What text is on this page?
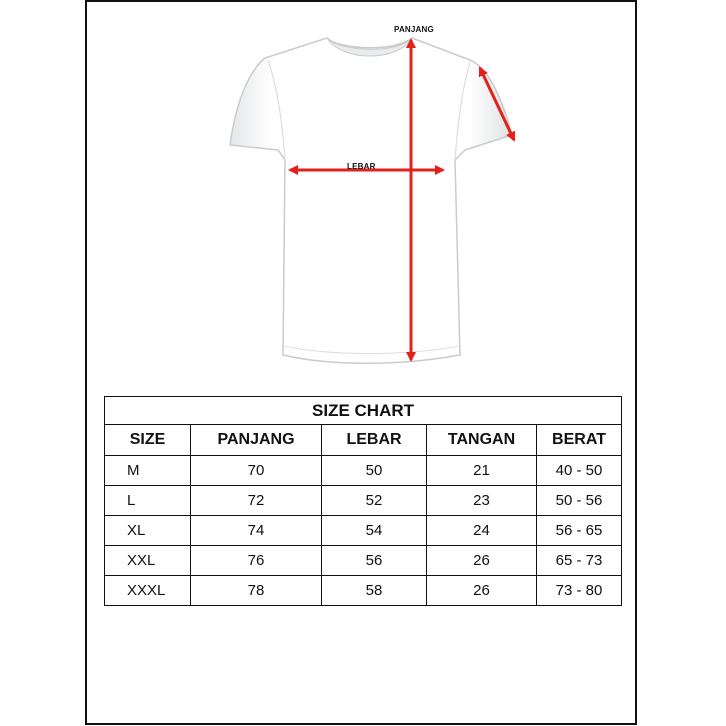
PANJANG
LEBAR
SIZE CHART				
SIZE	PANJANG	LEBAR	TANGAN	BERAT
M	70	50	21	40 - 50
L	72	52	23	50 - 56
XL	74	54	24	56 - 65
XXL	76	56	26	65 - 73
XXXL	78	58	26	73 - 80
